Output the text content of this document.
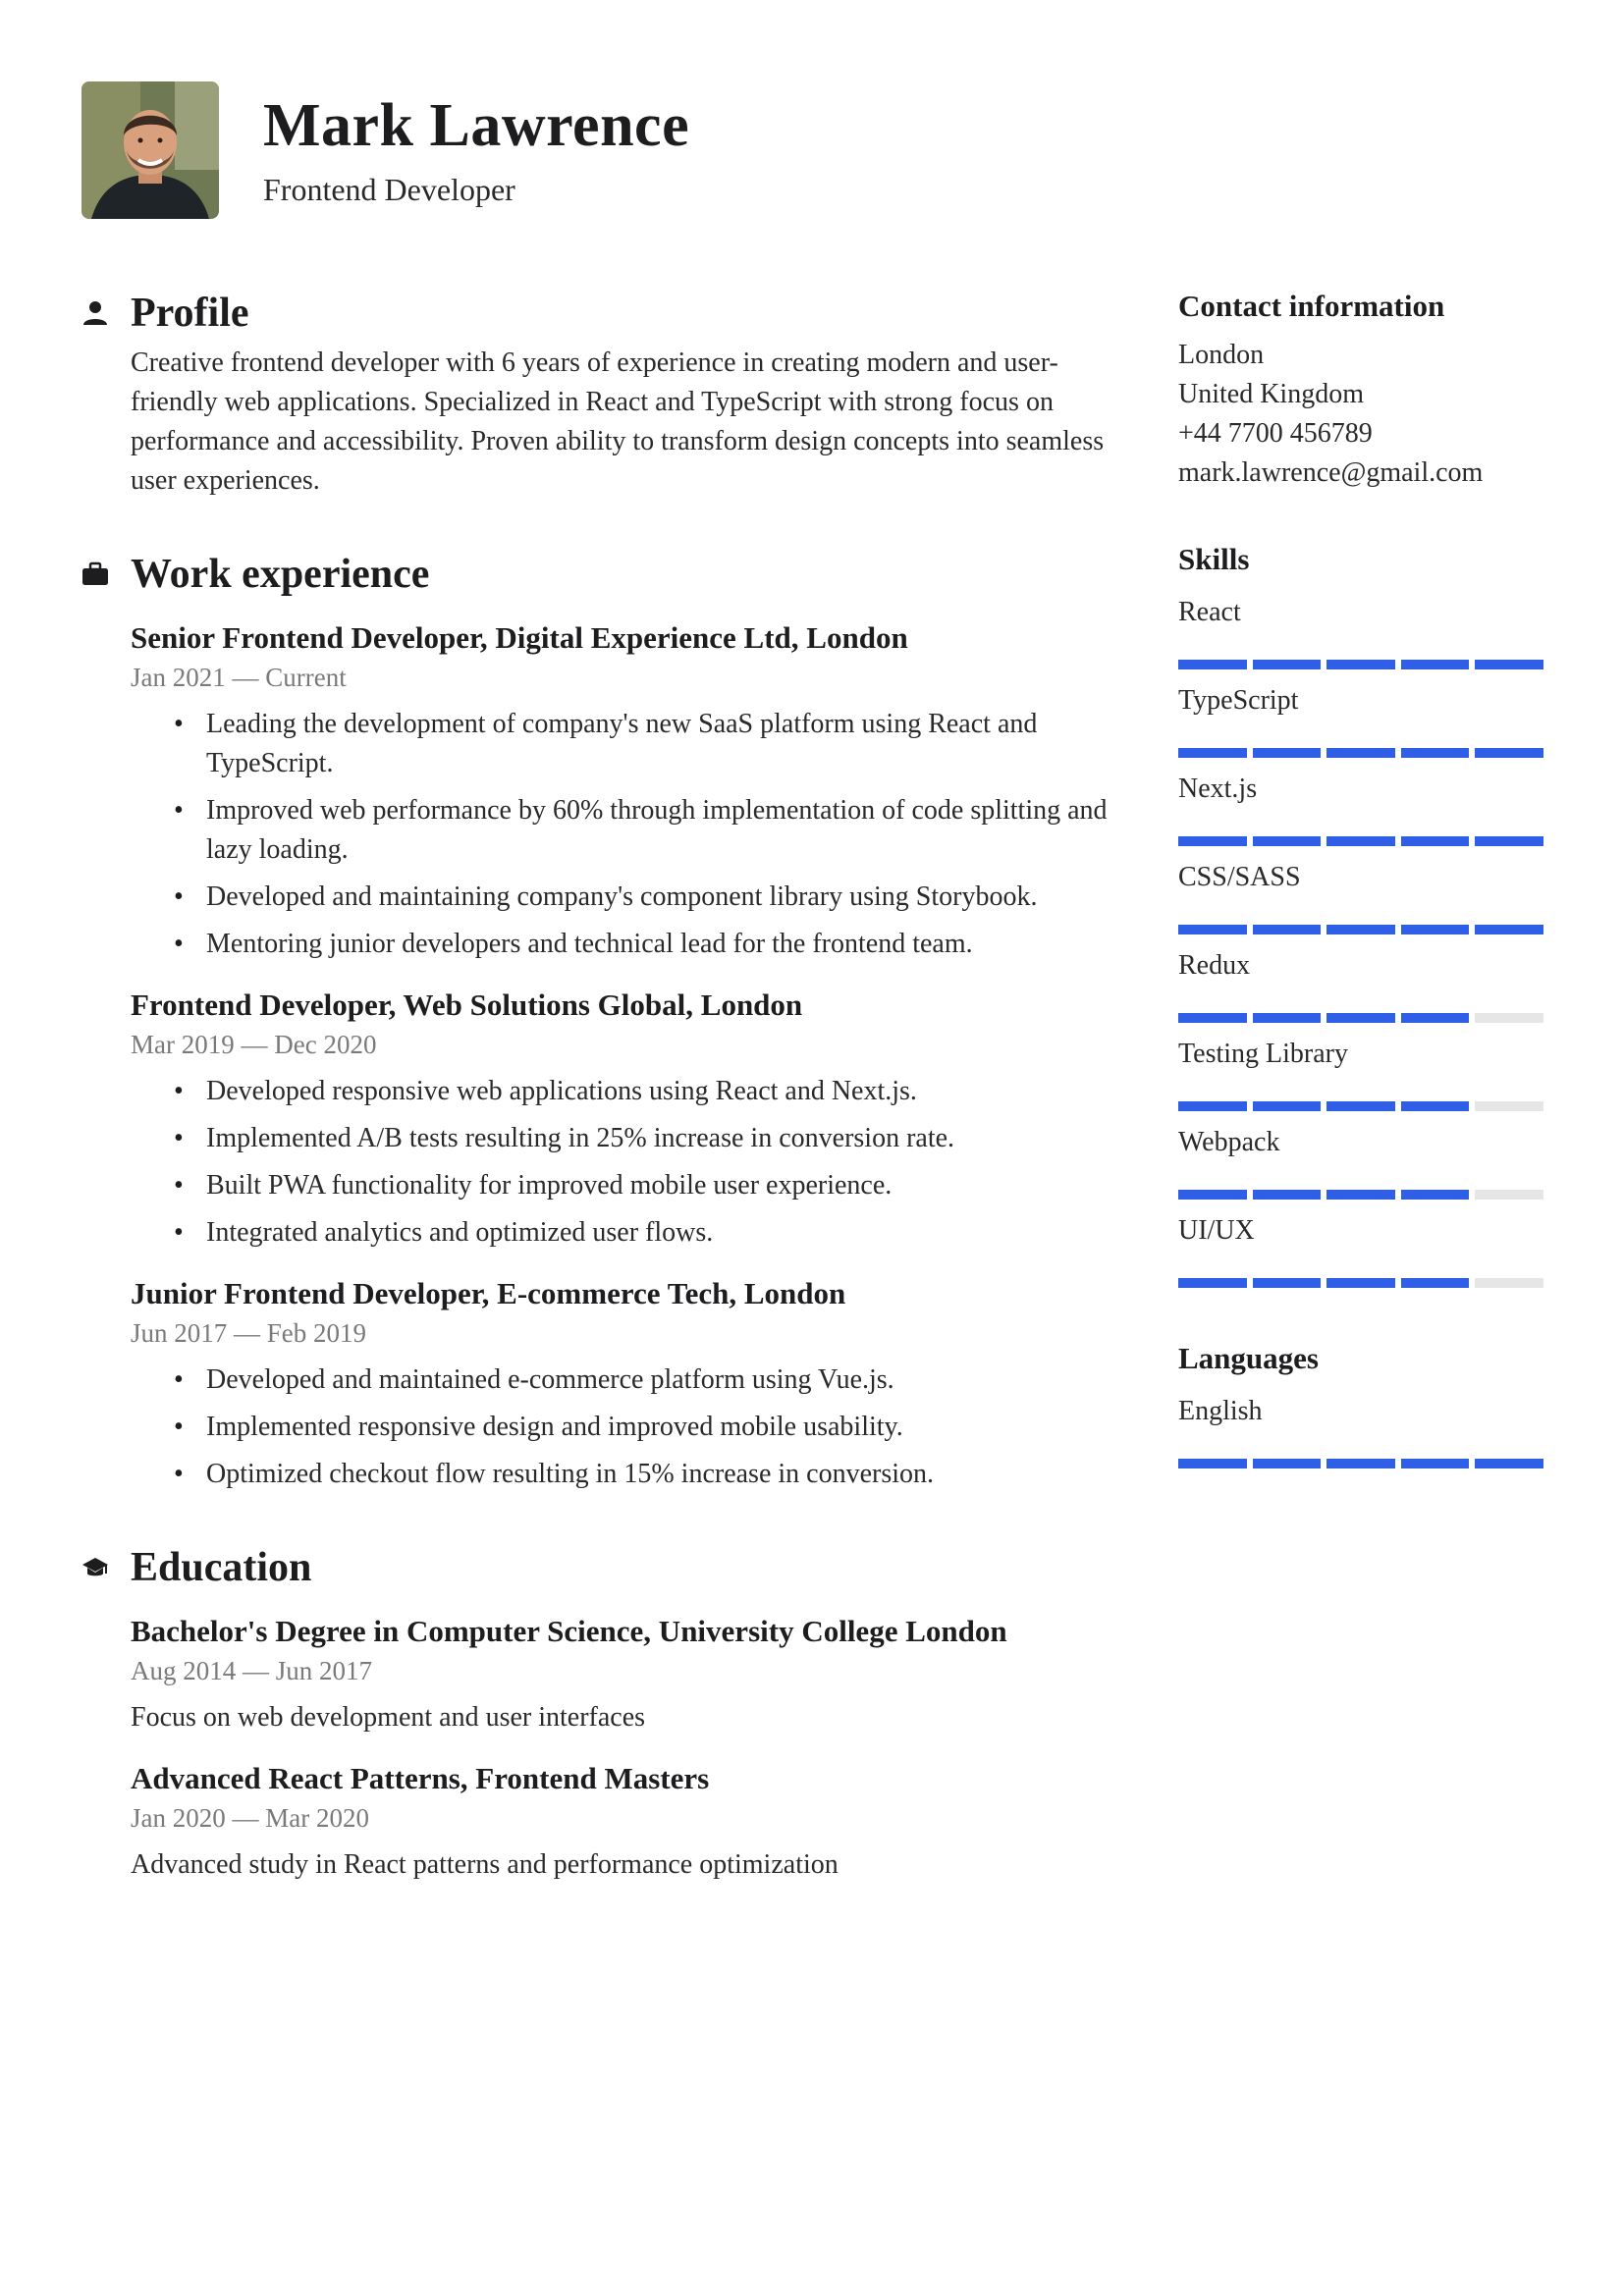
Mark Lawrence
Frontend Developer
Profile

Creative frontend developer with 6 years of experience in creating modern and user-friendly web applications. Specialized in React and TypeScript with strong focus on performance and accessibility. Proven ability to transform design concepts into seamless user experiences.

Work experience
Senior Frontend Developer, Digital Experience Ltd, London
Jan 2021 — Current
• Leading the development of company's new SaaS platform using React and TypeScript.
• Improved web performance by 60% through implementation of code splitting and lazy loading.
• Developed and maintaining company's component library using Storybook.
• Mentoring junior developers and technical lead for the frontend team.
Frontend Developer, Web Solutions Global, London
Mar 2019 — Dec 2020
• Developed responsive web applications using React and Next.js.
• Implemented A/B tests resulting in 25% increase in conversion rate.
• Built PWA functionality for improved mobile user experience.
• Integrated analytics and optimized user flows.
Junior Frontend Developer, E-commerce Tech, London
Jun 2017 — Feb 2019
• Developed and maintained e-commerce platform using Vue.js.
• Implemented responsive design and improved mobile usability.
• Optimized checkout flow resulting in 15% increase in conversion.
Education
Bachelor's Degree in Computer Science, University College London
Aug 2014 — Jun 2017
Focus on web development and user interfaces
Advanced React Patterns, Frontend Masters
Jan 2020 — Mar 2020
Advanced study in React patterns and performance optimization
Contact information
London
United Kingdom
+44 7700 456789
mark.lawrence@gmail.com
Skills
React
TypeScript
Next.js
CSS/SASS
Redux
Testing Library
Webpack
UI/UX
Languages
English
